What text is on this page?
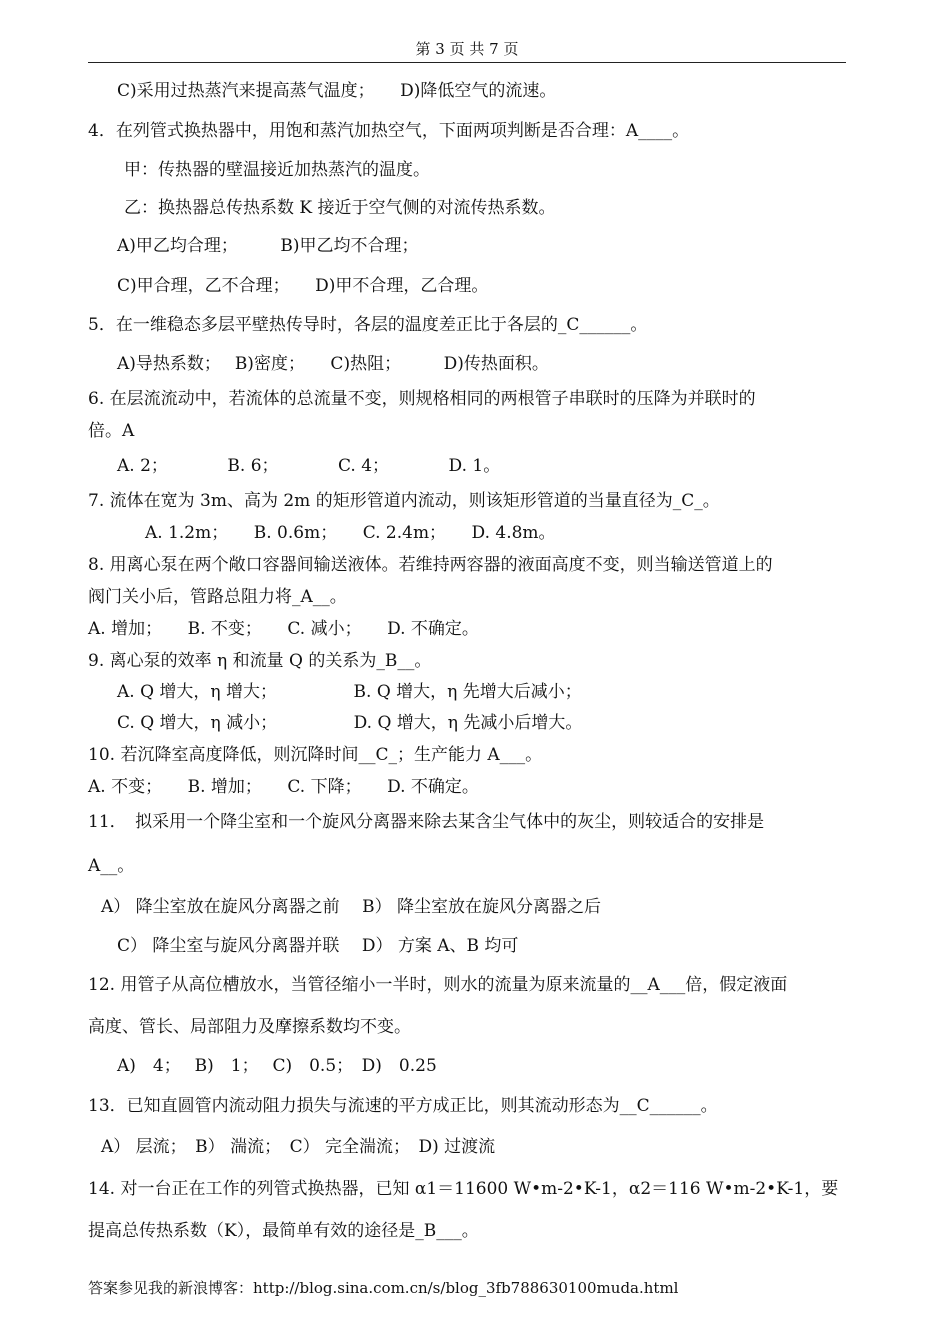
第 3 页 共 7 页
C)采用过热蒸汽来提高蒸气温度；　　D)降低空气的流速。
4．在列管式换热器中，用饱和蒸汽加热空气，下面两项判断是否合理：A____。
甲：传热器的壁温接近加热蒸汽的温度。
乙：换热器总传热系数 K 接近于空气侧的对流传热系数。
A)甲乙均合理；　　　B)甲乙均不合理；
C)甲合理，乙不合理；　　D)甲不合理，乙合理。
5．在一维稳态多层平壁热传导时，各层的温度差正比于各层的_C______。
A)导热系数；　 B)密度；　　C)热阻；　　　D)传热面积。
6. 在层流流动中，若流体的总流量不变，则规格相同的两根管子串联时的压降为并联时的
倍。A
A. 2；　　　　B. 6；　　　　C. 4；　　　　D. 1。
7. 流体在宽为 3m、高为 2m 的矩形管道内流动，则该矩形管道的当量直径为_C_。
A. 1.2m；　　B. 0.6m；　　C. 2.4m；　　D. 4.8m。
8. 用离心泵在两个敞口容器间输送液体。若维持两容器的液面高度不变，则当输送管道上的
阀门关小后，管路总阻力将_A__。
A. 增加；　　B. 不变；　　C. 减小；　　D. 不确定。
9. 离心泵的效率 η 和流量 Q 的关系为_B__。
A. Q 增大，η 增大；　　　　　B. Q 增大，η 先增大后减小；
C. Q 增大，η 减小；　　　　　D. Q 增大，η 先减小后增大。
10. 若沉降室高度降低，则沉降时间__C_；生产能力 A___。
A. 不变；　　B. 增加；　　C. 下降；　　D. 不确定。
11．　拟采用一个降尘室和一个旋风分离器来除去某含尘气体中的灰尘，则较适合的安排是
A__。
A） 降尘室放在旋风分离器之前　 B） 降尘室放在旋风分离器之后
C） 降尘室与旋风分离器并联　 D） 方案 A、B 均可
12. 用管子从高位槽放水，当管径缩小一半时，则水的流量为原来流量的__A___倍，假定液面
高度、管长、局部阻力及摩擦系数均不变。
A)　4；　 B)　1；　 C)　0.5；　D)　0.25
13．已知直圆管内流动阻力损失与流速的平方成正比，则其流动形态为__C______。
A） 层流；　B） 湍流；　C） 完全湍流；　D) 过渡流
14. 对一台正在工作的列管式换热器，已知 α1＝11600 W•m-2•K-1，α2＝116 W•m-2•K-1，要
提高总传热系数（K），最简单有效的途径是_B___。
答案参见我的新浪博客：http://blog.sina.com.cn/s/blog_3fb788630100muda.html
